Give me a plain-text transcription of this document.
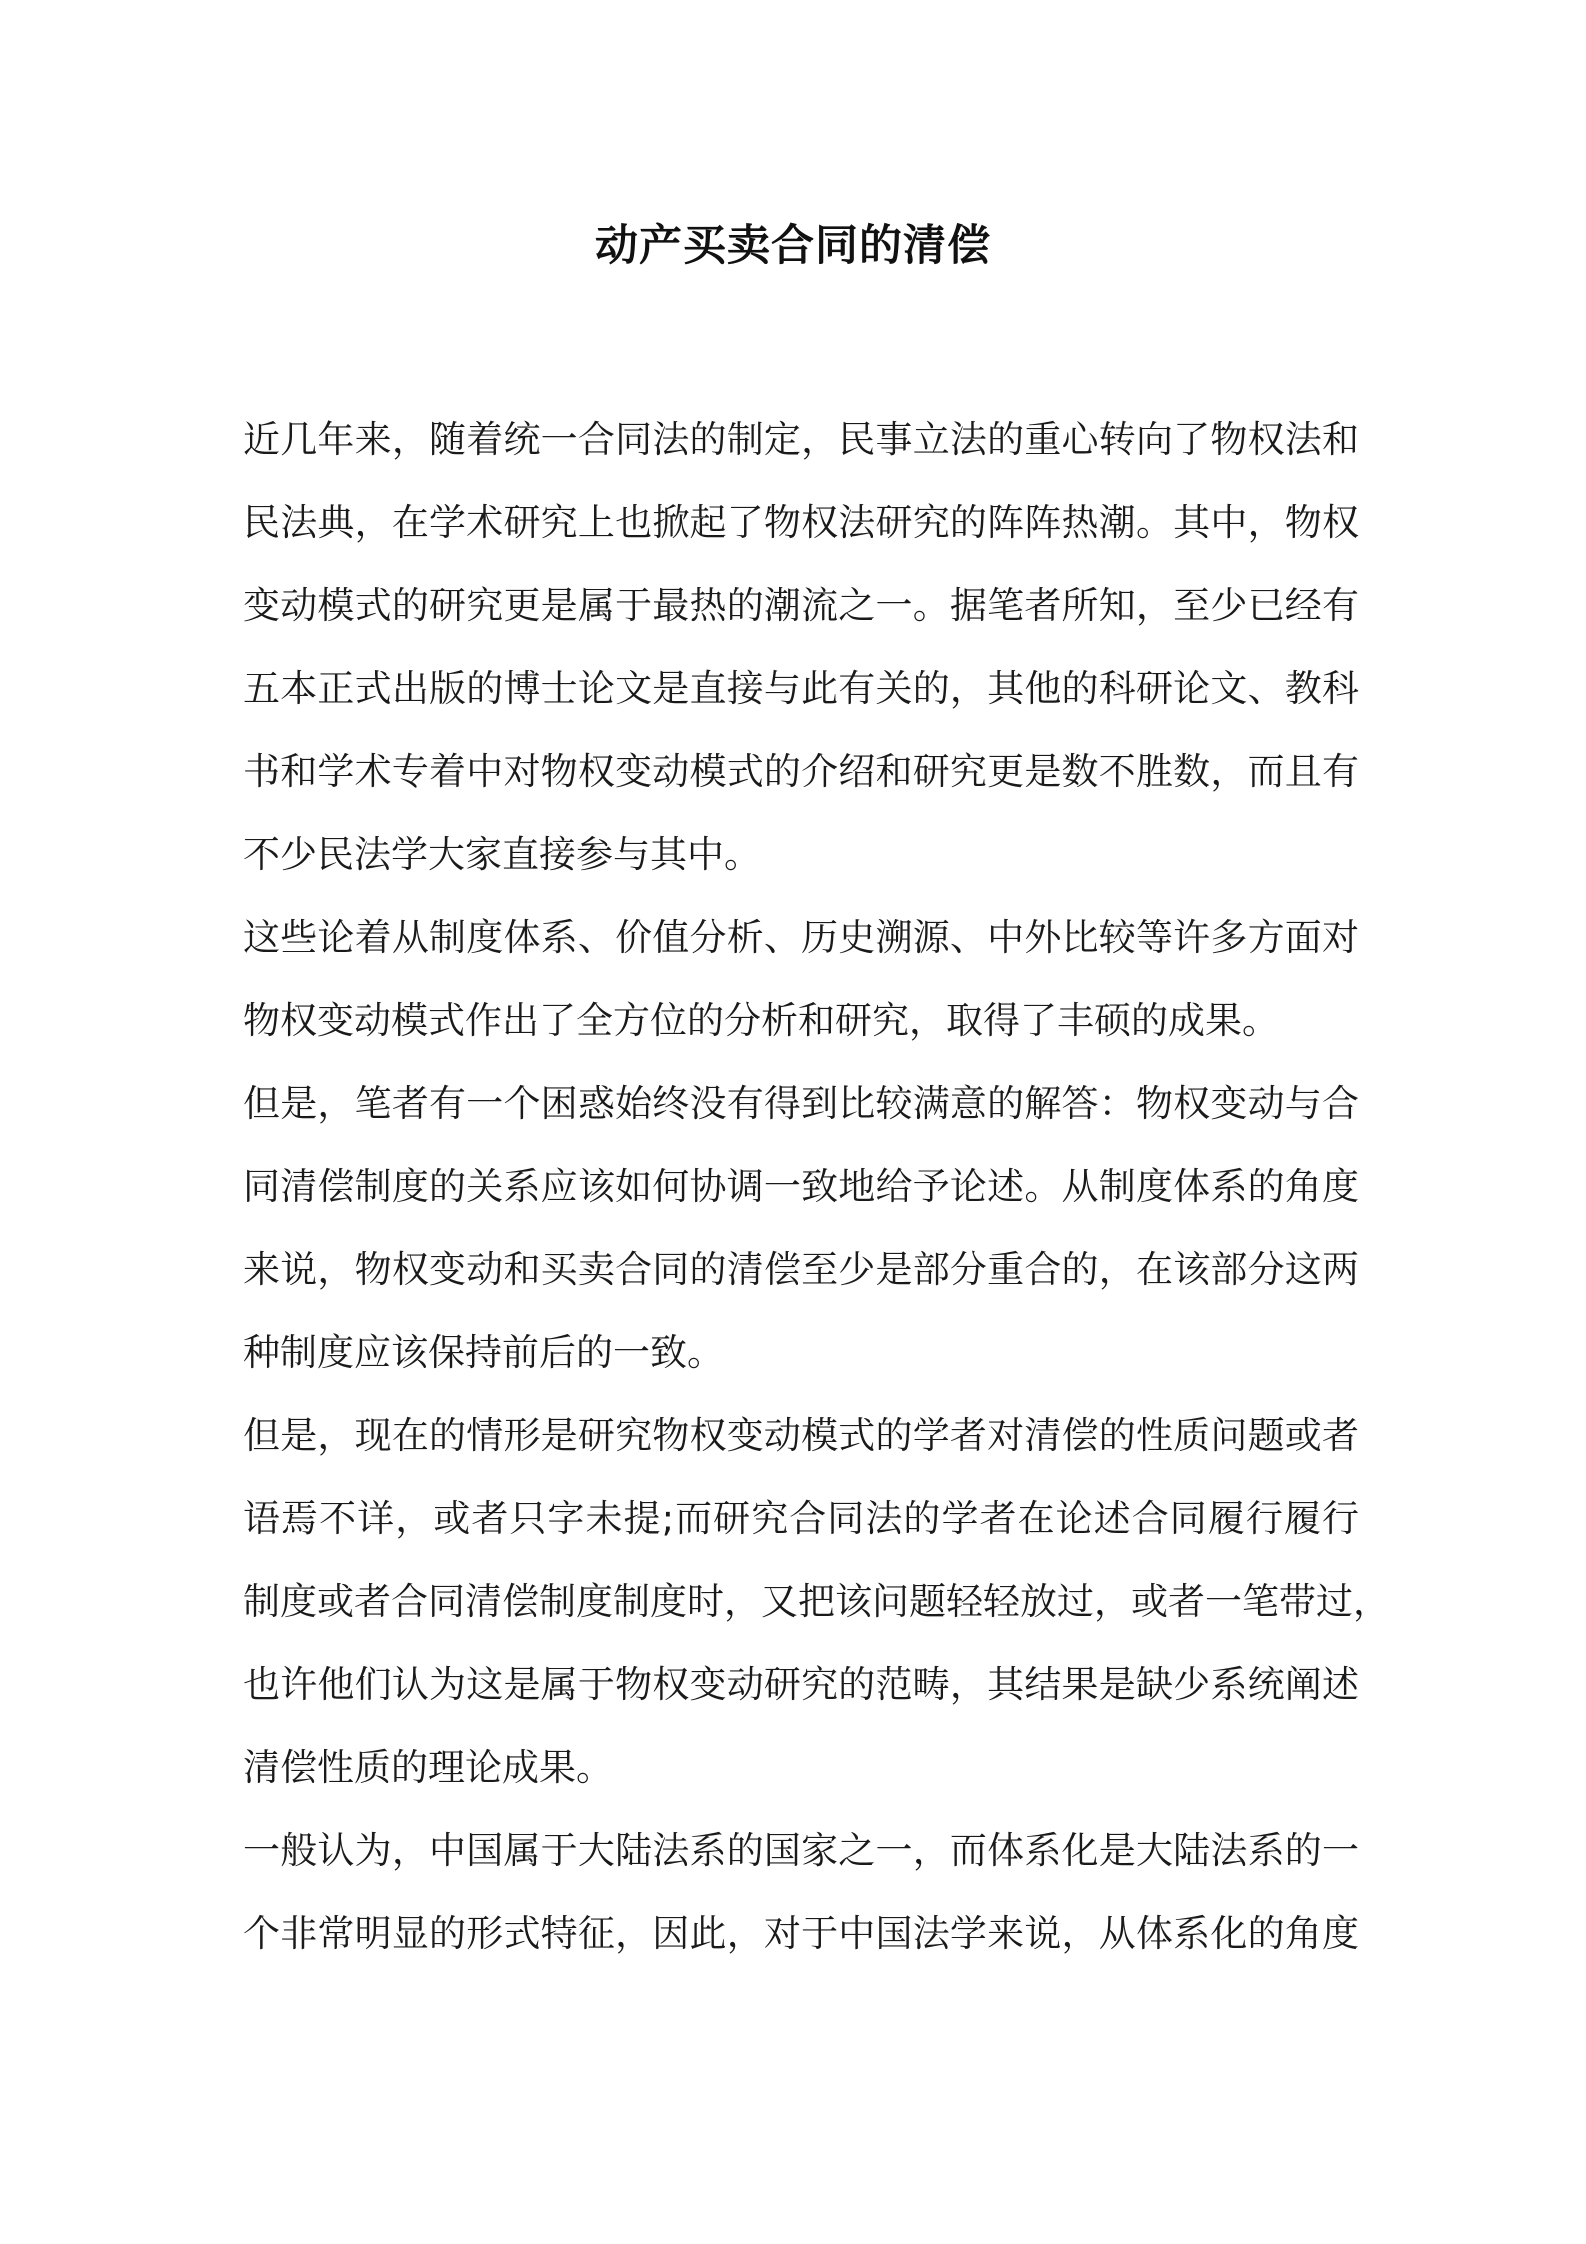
动产买卖合同的清偿
近几年来，随着统一合同法的制定，民事立法的重心转向了物权法和
民法典，在学术研究上也掀起了物权法研究的阵阵热潮。其中，物权
变动模式的研究更是属于最热的潮流之一。据笔者所知，至少已经有
五本正式出版的博士论文是直接与此有关的，其他的科研论文、教科
书和学术专着中对物权变动模式的介绍和研究更是数不胜数，而且有
不少民法学大家直接参与其中。
这些论着从制度体系、价值分析、历史溯源、中外比较等许多方面对
物权变动模式作出了全方位的分析和研究，取得了丰硕的成果。
但是，笔者有一个困惑始终没有得到比较满意的解答：物权变动与合
同清偿制度的关系应该如何协调一致地给予论述。从制度体系的角度
来说，物权变动和买卖合同的清偿至少是部分重合的，在该部分这两
种制度应该保持前后的一致。
但是，现在的情形是研究物权变动模式的学者对清偿的性质问题或者
语焉不详，或者只字未提;而研究合同法的学者在论述合同履行履行
制度或者合同清偿制度制度时，又把该问题轻轻放过，或者一笔带过，
也许他们认为这是属于物权变动研究的范畴，其结果是缺少系统阐述
清偿性质的理论成果。
一般认为，中国属于大陆法系的国家之一，而体系化是大陆法系的一
个非常明显的形式特征，因此，对于中国法学来说，从体系化的角度
